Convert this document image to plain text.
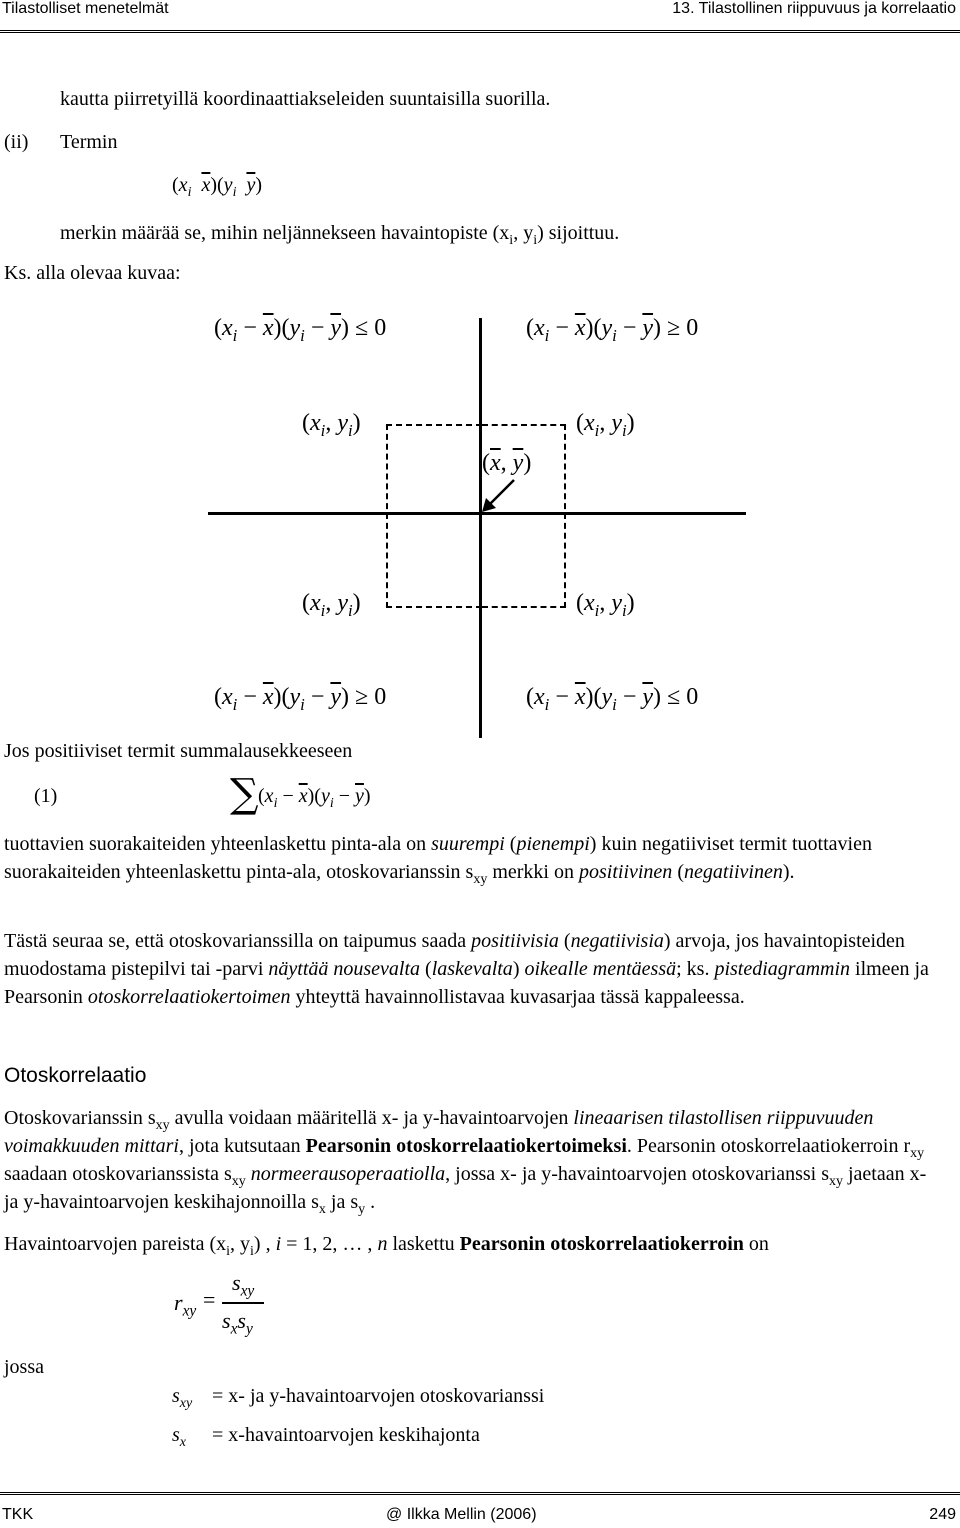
Tilastolliset menetelmät	13. Tilastollinen riippuvuus ja korrelaatio
kautta piirretyillä koordinaattiakseleiden suuntaisilla suorilla.
(ii) Termin
($x_i$ $\overline{x})(y_i$ $\overline{y}$)
merkin määrää se, mihin neljännekseen havaintopiste ($x_i$, $y_i$) sijoittuu.
Ks. alla olevaa kuvaa:
$(x_i - \overline{x})(y_i - \overline{y}) \le 0$	$(x_i - \overline{x})(y_i - \overline{y}) \ge 0$
$(x_i - \overline{x})(y_i - \overline{y}) \ge 0$	$(x_i - \overline{x})(y_i - \overline{y}) \le 0$
($x_i$, $y_i$)	($x_i$, $y_i$)
($x_i$, $y_i$)	($x_i$, $y_i$)
($\overline{x}$, $\overline{y}$)
Jos positiiviset termit summalausekkeeseen
(1)	∑ $(x_i - \overline{x})(y_i - \overline{y})$
tuottavien suorakaiteiden yhteenlaskettu pinta-ala on suurempi (pienempi) kuin negatiiviset termit tuottavien suorakaiteiden yhteenlaskettu pinta-ala, otoskovarianssin $s_{xy}$ merkki on positiivinen (negatiivinen).
Tästä seuraa se, että otoskovarianssilla on taipumus saada positiivisia (negatiivisia) arvoja, jos havaintopisteiden muodostama pistepilvi tai -parvi näyttää nousevalta (laskevalta) oikealle mentäessä; ks. pistediagrammin ilmeen ja Pearsonin otoskorrelaatiokertoimen yhteyttä havainnollistavaa kuvasarjaa tässä kappaleessa.
Otoskorrelaatio
Otoskovarianssin $s_{xy}$ avulla voidaan määritellä x- ja y-havaintoarvojen lineaarisen tilastollisen riippuvuuden voimakkuuden mittari, jota kutsutaan Pearsonin otoskorrelaatiokertoimeksi. Pearsonin otoskorrelaatiokerroin $r_{xy}$ saadaan otoskovarianssista $s_{xy}$ normeerausoperaatiolla, jossa x- ja y-havaintoarvojen otoskovarianssi $s_{xy}$ jaetaan x- ja y-havaintoarvojen keskihajonnoilla $s_x$ ja $s_y$ .
Havaintoarvojen pareista ($x_i$, $y_i$) , i = 1, 2, … , n laskettu Pearsonin otoskorrelaatiokerroin on
$r_{xy}$ =
$s_{xy}$
$s_xs_y$
jossa
$s_{xy} = x-$ ja y-havaintoarvojen otoskovarianssi
$s_x$ = x-havaintoarvojen keskihajonta
TKK	@ Ilkka Mellin (2006)	249
